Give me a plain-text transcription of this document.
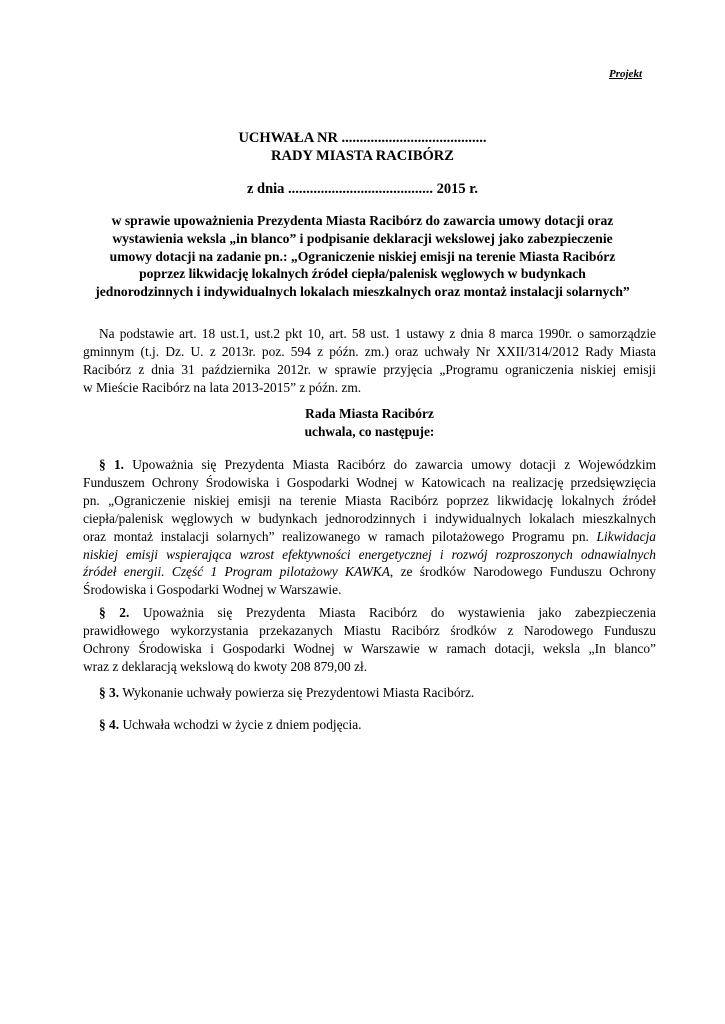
Projekt
UCHWAŁA NR ........................................
RADY MIASTA RACIBÓRZ
z dnia ........................................ 2015 r.
w sprawie upoważnienia Prezydenta Miasta Racibórz do zawarcia umowy dotacji oraz
wystawienia weksla „in blanco” i podpisanie deklaracji wekslowej jako zabezpieczenie
umowy dotacji na zadanie pn.: „Ograniczenie niskiej emisji na terenie Miasta Racibórz
poprzez likwidację lokalnych źródeł ciepła/palenisk węglowych w budynkach
jednorodzinnych i indywidualnych lokalach mieszkalnych oraz montaż instalacji solarnych”
Na podstawie art. 18 ust.1, ust.2 pkt 10, art. 58 ust. 1 ustawy z dnia 8 marca 1990r. o samorządzie
gminnym (t.j. Dz. U. z 2013r. poz. 594 z późn. zm.) oraz uchwały Nr XXII/314/2012 Rady Miasta
Racibórz z dnia 31 października 2012r. w sprawie przyjęcia „Programu ograniczenia niskiej emisji
w Mieście Racibórz na lata 2013-2015” z późn. zm.
Rada Miasta Racibórz
uchwala, co następuje:
§ 1. Upoważnia się Prezydenta Miasta Racibórz do zawarcia umowy dotacji z Wojewódzkim
Funduszem Ochrony Środowiska i Gospodarki Wodnej w Katowicach na realizację przedsięwzięcia
pn. „Ograniczenie niskiej emisji na terenie Miasta Racibórz poprzez likwidację lokalnych źródeł
ciepła/palenisk węglowych w budynkach jednorodzinnych i indywidualnych lokalach mieszkalnych
oraz montaż instalacji solarnych” realizowanego w ramach pilotażowego Programu pn. Likwidacja
niskiej emisji wspierająca wzrost efektywności energetycznej i rozwój rozproszonych odnawialnych
źródeł energii. Część 1 Program pilotażowy KAWKA, ze środków Narodowego Funduszu Ochrony
Środowiska i Gospodarki Wodnej w Warszawie.
§ 2. Upoważnia się Prezydenta Miasta Racibórz do wystawienia jako zabezpieczenia
prawidłowego wykorzystania przekazanych Miastu Racibórz środków z Narodowego Funduszu
Ochrony Środowiska i Gospodarki Wodnej w Warszawie w ramach dotacji, weksla „In blanco”
wraz z deklaracją wekslową do kwoty 208 879,00 zł.
§ 3. Wykonanie uchwały powierza się Prezydentowi Miasta Racibórz.
§ 4. Uchwała wchodzi w życie z dniem podjęcia.
